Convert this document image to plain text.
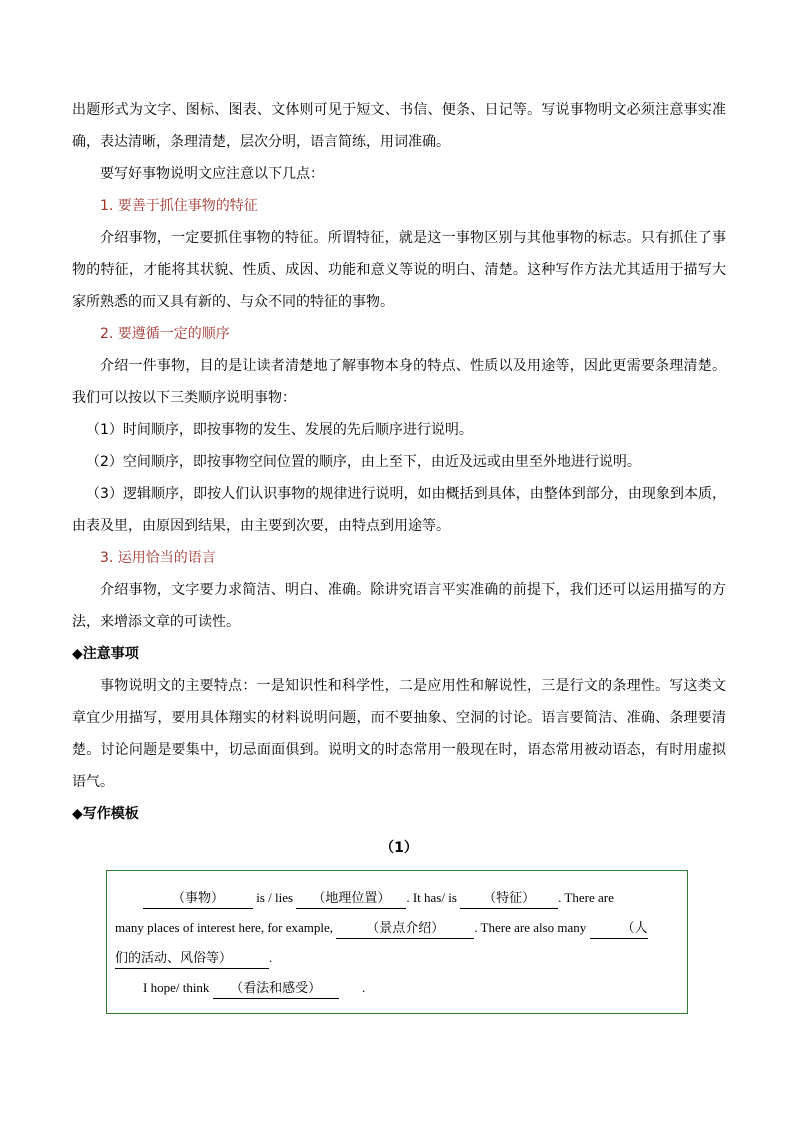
出题形式为文字、图标、图表、文体则可见于短文、书信、便条、日记等。写说事物明文必须注意事实准确，表达清晰，条理清楚，层次分明，语言简练，用词准确。

要写好事物说明文应注意以下几点：

1. 要善于抓住事物的特征

介绍事物，一定要抓住事物的特征。所谓特征，就是这一事物区别与其他事物的标志。只有抓住了事物的特征，才能将其状貌、性质、成因、功能和意义等说的明白、清楚。这种写作方法尤其适用于描写大家所熟悉的而又具有新的、与众不同的特征的事物。

2. 要遵循一定的顺序

介绍一件事物，目的是让读者清楚地了解事物本身的特点、性质以及用途等，因此更需要条理清楚。我们可以按以下三类顺序说明事物：

（1）时间顺序，即按事物的发生、发展的先后顺序进行说明。

（2）空间顺序，即按事物空间位置的顺序，由上至下，由近及远或由里至外地进行说明。

（3）逻辑顺序，即按人们认识事物的规律进行说明，如由概括到具体，由整体到部分，由现象到本质，由表及里，由原因到结果，由主要到次要，由特点到用途等。

3. 运用恰当的语言

介绍事物，文字要力求简洁、明白、准确。除讲究语言平实准确的前提下，我们还可以运用描写的方法，来增添文章的可读性。

◆注意事项

事物说明文的主要特点：一是知识性和科学性，二是应用性和解说性，三是行文的条理性。写这类文章宜少用描写，要用具体翔实的材料说明问题，而不要抽象、空洞的讨论。语言要简洁、准确、条理要清楚。讨论问题是要集中，切忌面面俱到。说明文的时态常用一般现在时，语态常用被动语态，有时用虚拟语气。

◆写作模板

（1）
（事物） is / lies （地理位置） . It has/ is （特征） . There are
many places of interest here, for example,	（景点介绍） . There are also many	（人
们的活动、风俗等）	.
I hope/ think （看法和感受）	.
